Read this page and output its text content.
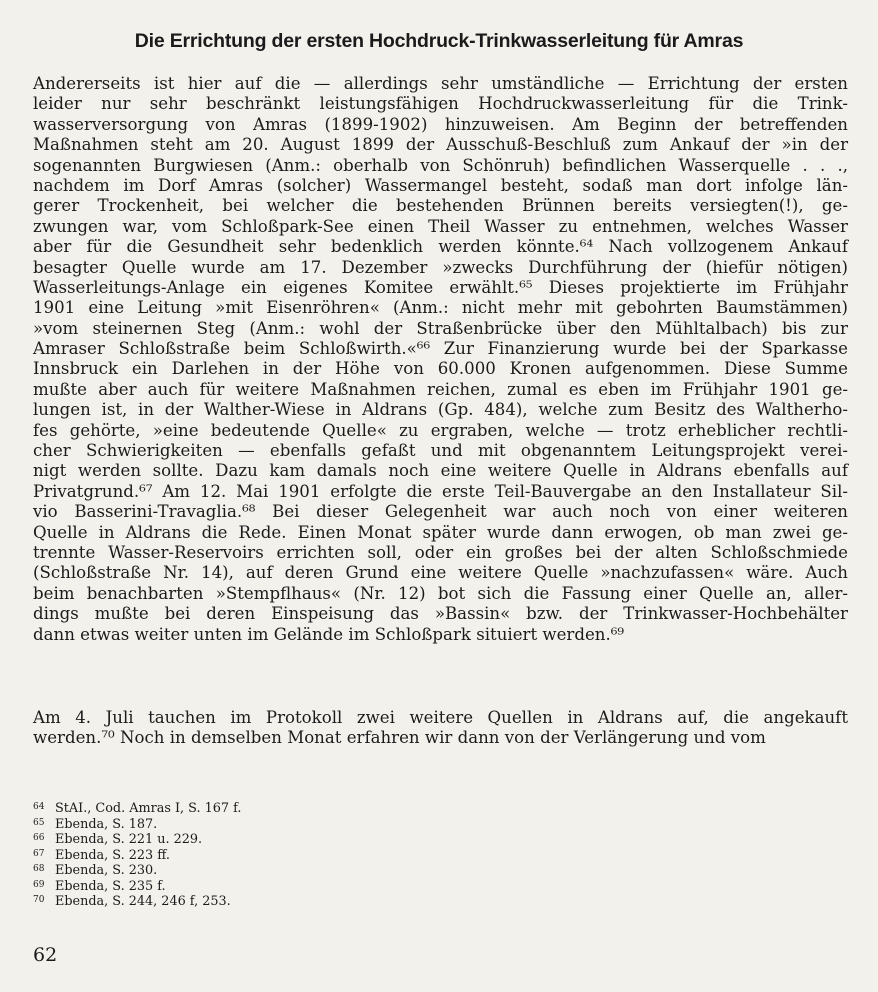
Die Errichtung der ersten Hochdruck-Trinkwasserleitung für Amras
Andererseits ist hier auf die — allerdings sehr umständliche — Errichtung der ersten
leider nur sehr beschränkt leistungsfähigen Hochdruckwasserleitung für die Trink-
wasserversorgung von Amras (1899-1902) hinzuweisen. Am Beginn der betreffenden
Maßnahmen steht am 20. August 1899 der Ausschuß-Beschluß zum Ankauf der »in der
sogenannten Burgwiesen (Anm.: oberhalb von Schönruh) befindlichen Wasserquelle . . .,
nachdem im Dorf Amras (solcher) Wassermangel besteht, sodaß man dort infolge län-
gerer Trockenheit, bei welcher die bestehenden Brünnen bereits versiegten(!), ge-
zwungen war, vom Schloßpark-See einen Theil Wasser zu entnehmen, welches Wasser
aber für die Gesundheit sehr bedenklich werden könnte.⁶⁴ Nach vollzogenem Ankauf
besagter Quelle wurde am 17. Dezember »zwecks Durchführung der (hiefür nötigen)
Wasserleitungs-Anlage ein eigenes Komitee erwählt.⁶⁵ Dieses projektierte im Frühjahr
1901 eine Leitung »mit Eisenröhren« (Anm.: nicht mehr mit gebohrten Baumstämmen)
»vom steinernen Steg (Anm.: wohl der Straßenbrücke über den Mühltalbach) bis zur
Amraser Schloßstraße beim Schloßwirth.«⁶⁶ Zur Finanzierung wurde bei der Sparkasse
Innsbruck ein Darlehen in der Höhe von 60.000 Kronen aufgenommen. Diese Summe
mußte aber auch für weitere Maßnahmen reichen, zumal es eben im Frühjahr 1901 ge-
lungen ist, in der Walther-Wiese in Aldrans (Gp. 484), welche zum Besitz des Waltherho-
fes gehörte, »eine bedeutende Quelle« zu ergraben, welche — trotz erheblicher rechtli-
cher Schwierigkeiten — ebenfalls gefaßt und mit obgenanntem Leitungsprojekt verei-
nigt werden sollte. Dazu kam damals noch eine weitere Quelle in Aldrans ebenfalls auf
Privatgrund.⁶⁷ Am 12. Mai 1901 erfolgte die erste Teil-Bauvergabe an den Installateur Sil-
vio Basserini-Travaglia.⁶⁸ Bei dieser Gelegenheit war auch noch von einer weiteren
Quelle in Aldrans die Rede. Einen Monat später wurde dann erwogen, ob man zwei ge-
trennte Wasser-Reservoirs errichten soll, oder ein großes bei der alten Schloßschmiede
(Schloßstraße Nr. 14), auf deren Grund eine weitere Quelle »nachzufassen« wäre. Auch
beim benachbarten »Stempflhaus« (Nr. 12) bot sich die Fassung einer Quelle an, aller-
dings mußte bei deren Einspeisung das »Bassin« bzw. der Trinkwasser-Hochbehälter
dann etwas weiter unten im Gelände im Schloßpark situiert werden.⁶⁹
Am 4. Juli tauchen im Protokoll zwei weitere Quellen in Aldrans auf, die angekauft
werden.⁷⁰ Noch in demselben Monat erfahren wir dann von der Verlängerung und vom
64 StAI., Cod. Amras I, S. 167 f.
65 Ebenda, S. 187.
66 Ebenda, S. 221 u. 229.
67 Ebenda, S. 223 ff.
68 Ebenda, S. 230.
69 Ebenda, S. 235 f.
70 Ebenda, S. 244, 246 f, 253.
62
